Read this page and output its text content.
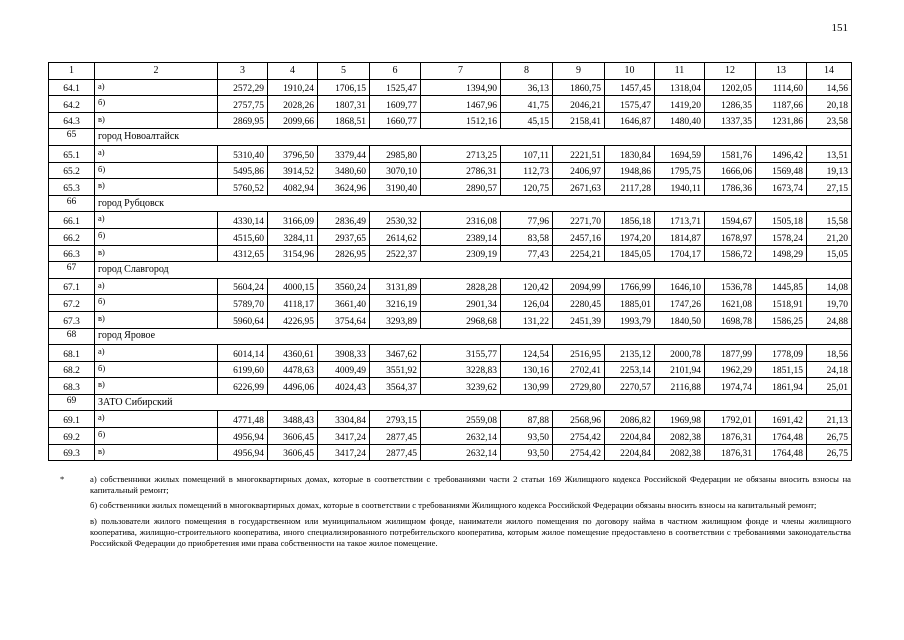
151
1	2	3	4	5	6	7	8	9	10	11	12	13	14
64.1	а)	2572,29	1910,24	1706,15	1525,47	1394,90	36,13	1860,75	1457,45	1318,04	1202,05	1114,60	14,56
64.2	б)	2757,75	2028,26	1807,31	1609,77	1467,96	41,75	2046,21	1575,47	1419,20	1286,35	1187,66	20,18
64.3	в)	2869,95	2099,66	1868,51	1660,77	1512,16	45,15	2158,41	1646,87	1480,40	1337,35	1231,86	23,58
65	город Новоалтайск												
65.1	а)	5310,40	3796,50	3379,44	2985,80	2713,25	107,11	2221,51	1830,84	1694,59	1581,76	1496,42	13,51
65.2	б)	5495,86	3914,52	3480,60	3070,10	2786,31	112,73	2406,97	1948,86	1795,75	1666,06	1569,48	19,13
65.3	в)	5760,52	4082,94	3624,96	3190,40	2890,57	120,75	2671,63	2117,28	1940,11	1786,36	1673,74	27,15
66	город Рубцовск												
66.1	а)	4330,14	3166,09	2836,49	2530,32	2316,08	77,96	2271,70	1856,18	1713,71	1594,67	1505,18	15,58
66.2	б)	4515,60	3284,11	2937,65	2614,62	2389,14	83,58	2457,16	1974,20	1814,87	1678,97	1578,24	21,20
66.3	в)	4312,65	3154,96	2826,95	2522,37	2309,19	77,43	2254,21	1845,05	1704,17	1586,72	1498,29	15,05
67	город Славгород												
67.1	а)	5604,24	4000,15	3560,24	3131,89	2828,28	120,42	2094,99	1766,99	1646,10	1536,78	1445,85	14,08
67.2	б)	5789,70	4118,17	3661,40	3216,19	2901,34	126,04	2280,45	1885,01	1747,26	1621,08	1518,91	19,70
67.3	в)	5960,64	4226,95	3754,64	3293,89	2968,68	131,22	2451,39	1993,79	1840,50	1698,78	1586,25	24,88
68	город Яровое												
68.1	а)	6014,14	4360,61	3908,33	3467,62	3155,77	124,54	2516,95	2135,12	2000,78	1877,99	1778,09	18,56
68.2	б)	6199,60	4478,63	4009,49	3551,92	3228,83	130,16	2702,41	2253,14	2101,94	1962,29	1851,15	24,18
68.3	в)	6226,99	4496,06	4024,43	3564,37	3239,62	130,99	2729,80	2270,57	2116,88	1974,74	1861,94	25,01
69	ЗАТО Сибирский												
69.1	а)	4771,48	3488,43	3304,84	2793,15	2559,08	87,88	2568,96	2086,82	1969,98	1792,01	1691,42	21,13
69.2	б)	4956,94	3606,45	3417,24	2877,45	2632,14	93,50	2754,42	2204,84	2082,38	1876,31	1764,48	26,75
69.3	в)	4956,94	3606,45	3417,24	2877,45	2632,14	93,50	2754,42	2204,84	2082,38	1876,31	1764,48	26,75
*	а) собственники жилых помещений в многоквартирных домах, которые в соответствии с требованиями части 2 статьи 169 Жилищного кодекса Российской Федерации не обязаны вносить взносы на капитальный ремонт;

б) собственники жилых помещений в многоквартирных домах, которые в соответствии с требованиями Жилищного кодекса Российской Федерации обязаны вносить взносы на капитальный ремонт;

в) пользователи жилого помещения в государственном или муниципальном жилищном фонде, наниматели жилого помещения по договору найма в частном жилищном фонде и члены жилищного кооператива, жилищно-строительного кооператива, иного специализированного потребительского кооператива, которым жилое помещение предоставлено в соответствии с требованиями законодательства Российской Федерации до приобретения ими права собственности на такое жилое помещение.
